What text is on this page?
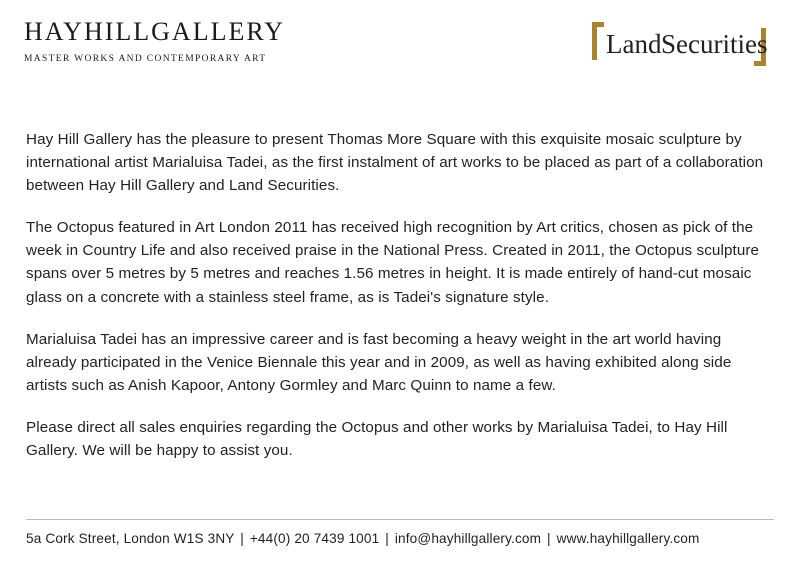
HAYHILLGALLERY
MASTER WORKS AND CONTEMPORARY ART	Land Securities

Hay Hill Gallery has the pleasure to present Thomas More Square with this exquisite mosaic sculpture by international artist Marialuisa Tadei, as the first instalment of art works to be placed as part of a collaboration between Hay Hill Gallery and Land Securities.

The Octopus featured in Art London 2011 has received high recognition by Art critics, chosen as pick of the week in Country Life and also received praise in the National Press. Created in 2011, the Octopus sculpture spans over 5 metres by 5 metres and reaches 1.56 metres in height. It is made entirely of hand-cut mosaic glass on a concrete with a stainless steel frame, as is Tadei's signature style.

Marialuisa Tadei has an impressive career and is fast becoming a heavy weight in the art world having already participated in the Venice Biennale this year and in 2009, as well as having exhibited along side artists such as Anish Kapoor, Antony Gormley and Marc Quinn to name a few.

Please direct all sales enquiries regarding the Octopus and other works by Marialuisa Tadei, to Hay Hill Gallery. We will be happy to assist you.

5a Cork Street, London W1S 3NY | +44(0) 20 7439 1001 | info@hayhillgallery.com | www.hayhillgallery.com
